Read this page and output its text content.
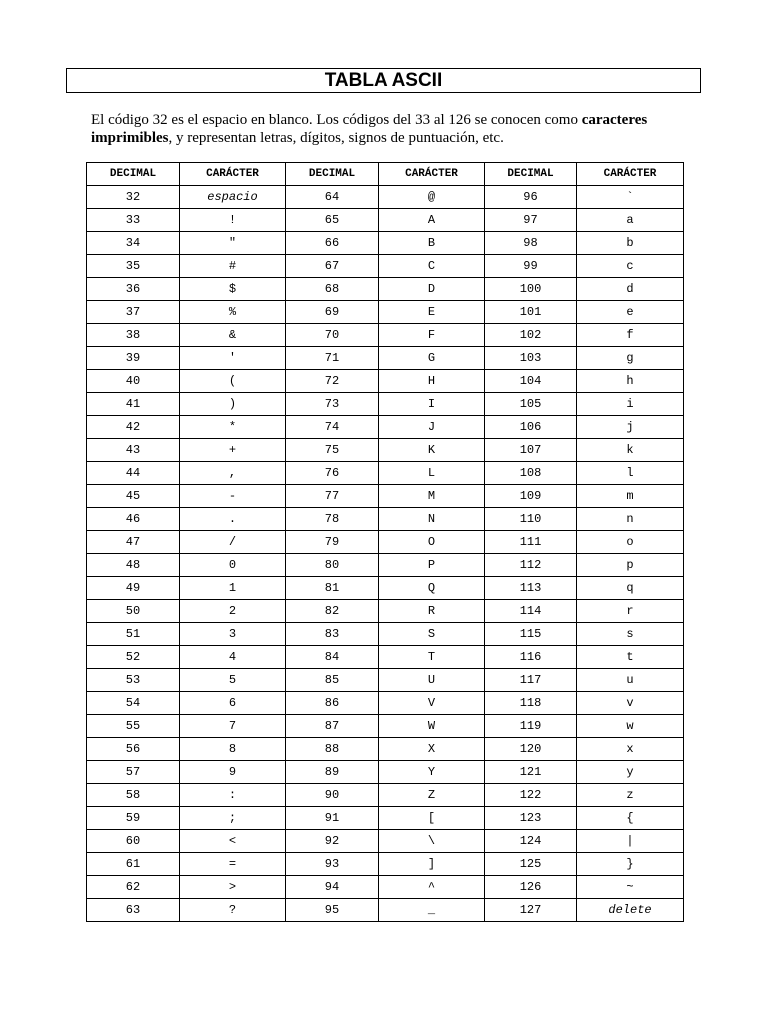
TABLA ASCII

El código 32 es el espacio en blanco. Los códigos del 33 al 126 se conocen como caracteres imprimibles, y representan letras, dígitos, signos de puntuación, etc.

DECIMAL	CARÁCTER	DECIMAL	CARÁCTER	DECIMAL	CARÁCTER
32	espacio	64	@	96	`
33	!	65	A	97	a
34	"	66	B	98	b
35	#	67	C	99	c
36	$	68	D	100	d
37	%	69	E	101	e
38	&	70	F	102	f
39	'	71	G	103	g
40	(	72	H	104	h
41	)	73	I	105	i
42	*	74	J	106	j
43	+	75	K	107	k
44	,	76	L	108	l
45	-	77	M	109	m
46	.	78	N	110	n
47	/	79	O	111	o
48	0	80	P	112	p
49	1	81	Q	113	q
50	2	82	R	114	r
51	3	83	S	115	s
52	4	84	T	116	t
53	5	85	U	117	u
54	6	86	V	118	v
55	7	87	W	119	w
56	8	88	X	120	x
57	9	89	Y	121	y
58	:	90	Z	122	z
59	;	91	[	123	{
60	<	92	\	124	|
61	=	93	]	125	}
62	>	94	^	126	~
63	?	95	_	127	delete
